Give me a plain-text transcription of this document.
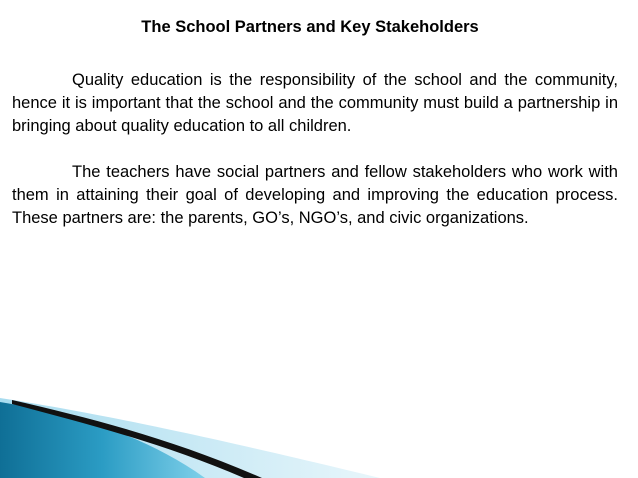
The School Partners and Key Stakeholders

Quality education is the responsibility of the school and the community, hence it is important that the school and the community must build a partnership in bringing about quality education to all children.

The teachers have social partners and fellow stakeholders who work with them in attaining their goal of developing and improving the education process. These partners are: the parents, GO’s, NGO’s, and civic organizations.
